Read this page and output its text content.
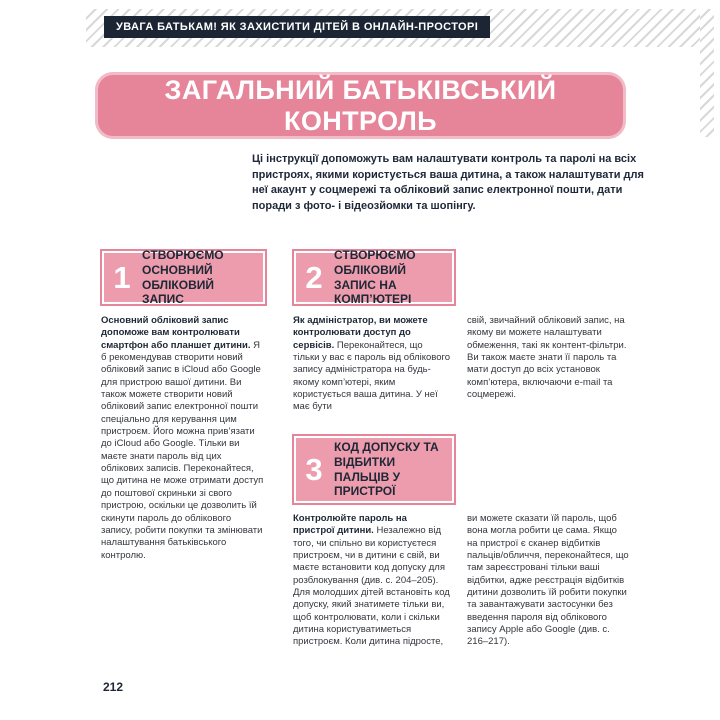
УВАГА БАТЬКАМ! ЯК ЗАХИСТИТИ ДІТЕЙ В ОНЛАЙН-ПРОСТОРІ
ЗАГАЛЬНИЙ БАТЬКІВСЬКИЙ КОНТРОЛЬ
Ці інструкції допоможуть вам налаштувати контроль та паролі на всіх пристроях, якими користується ваша дитина, а також налаштувати для неї акаунт у соцмережі та обліковий запис електронної пошти, дати поради з фото- і відеозйомки та шопінгу.
1
СТВОРЮЄМО ОСНОВНИЙ ОБЛІКОВИЙ ЗАПИС
Основний обліковий запис допоможе вам контролювати смартфон або планшет дитини. Я б рекомендував створити новий обліковий запис в iCloud або Google для пристрою вашої дитини. Ви також можете створити новий обліковий запис електронної пошти спеціально для керування цим пристроєм. Його можна прив’язати до iCloud або Google. Тільки ви маєте знати пароль від цих облікових записів. Переконайтеся, що дитина не може отримати доступ до поштової скриньки зі свого пристрою, оскільки це дозволить їй скинути пароль до облікового запису, робити покупки та змінювати налаштування батьківського контролю.
2
СТВОРЮЄМО ОБЛІКОВИЙ ЗАПИС НА КОМП’ЮТЕРІ
Як адміністратор, ви можете контролювати доступ до сервісів. Переконайтеся, що тільки у вас є пароль від облікового запису адміністратора на будь-якому комп’ютері, яким користується ваша дитина. У неї має бути
свій, звичайний обліковий запис, на якому ви можете налаштувати обмеження, такі як контент-фільтри. Ви також маєте знати її пароль та мати доступ до всіх установок комп’ютера, включаючи e-mail та соцмережі.
3
КОД ДОПУСКУ ТА ВІДБИТКИ ПАЛЬЦІВ У ПРИСТРОЇ
Контролюйте пароль на пристрої дитини. Незалежно від того, чи спільно ви користуєтеся пристроєм, чи в дитини є свій, ви маєте встановити код допуску для розблокування (див. с. 204–205). Для молодших дітей встановіть код допуску, який знатимете тільки ви, щоб контролювати, коли і скільки дитина користуватиметься пристроєм. Коли дитина підросте,
ви можете сказати їй пароль, щоб вона могла робити це сама. Якщо на пристрої є сканер відбитків пальців/обличчя, переконайтеся, що там зареєстровані тільки ваші відбитки, адже реєстрація відбитків дитини дозволить їй робити покупки та завантажувати застосунки без введення пароля від облікового запису Apple або Google (див. с. 216–217).
212
